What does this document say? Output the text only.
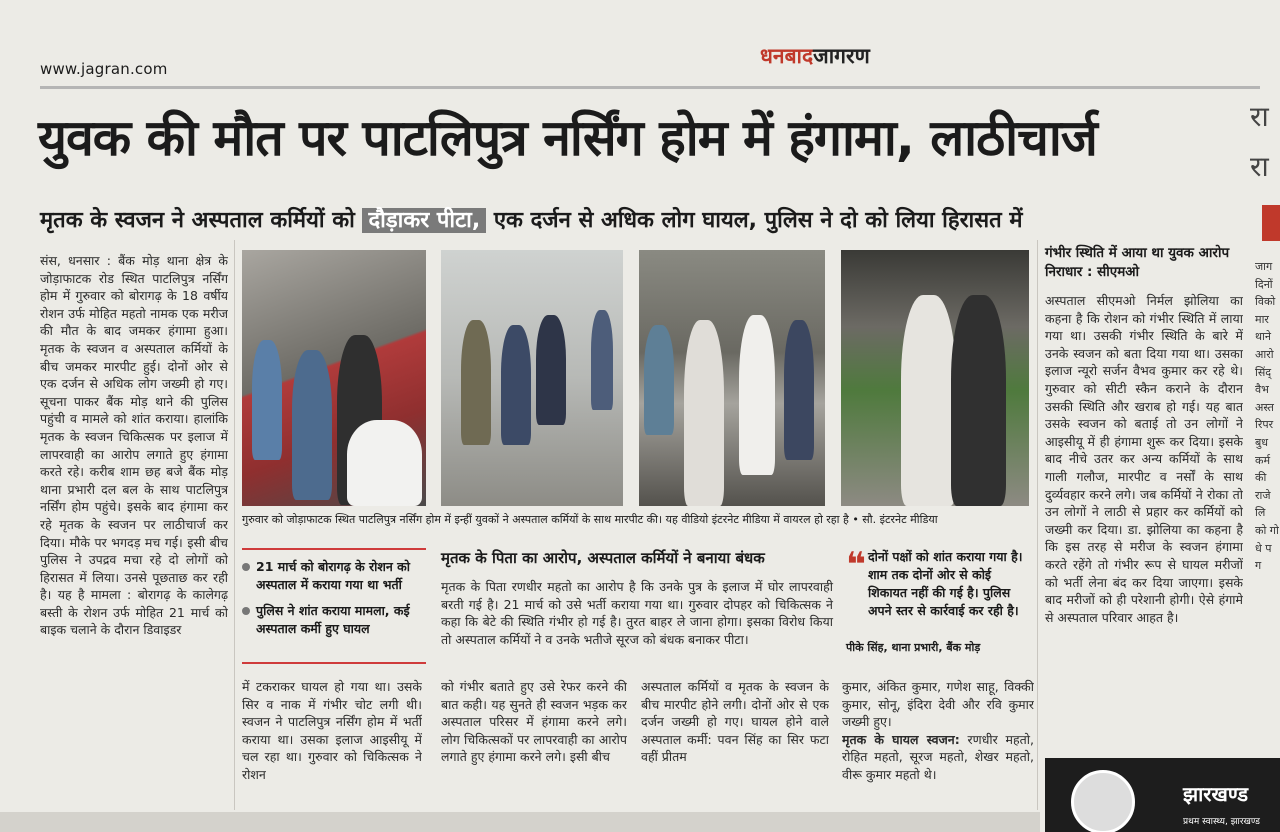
www.jagran.com
धनबादजागरण
युवक की मौत पर पाटलिपुत्र नर्सिंग होम में हंगामा, लाठीचार्ज	रा
रा
मृतक के स्वजन ने अस्पताल कर्मियों को दौड़ाकर पीटा, एक दर्जन से अधिक लोग घायल, पुलिस ने दो को लिया हिरासत में

संस, धनसार : बैंक मोड़ थाना क्षेत्र के जोड़ाफाटक रोड स्थित पाटलिपुत्र नर्सिंग होम में गुरुवार को बोरागढ़ के 18 वर्षीय रोशन उर्फ मोहित महतो नामक एक मरीज की मौत के बाद जमकर हंगामा हुआ। मृतक के स्वजन व अस्पताल कर्मियों के बीच जमकर मारपीट हुई। दोनों ओर से एक दर्जन से अधिक लोग जख्मी हो गए। सूचना पाकर बैंक मोड़ थाने की पुलिस पहुंची व मामले को शांत कराया। हालांकि मृतक के स्वजन चिकित्सक पर इलाज में लापरवाही का आरोप लगाते हुए हंगामा करते रहे। करीब शाम छह बजे बैंक मोड़ थाना प्रभारी दल बल के साथ पाटलिपुत्र नर्सिंग होम पहुंचे। इसके बाद हंगामा कर रहे मृतक के स्वजन पर लाठीचार्ज कर दिया। मौके पर भगदड़ मच गई। इसी बीच पुलिस ने उपद्रव मचा रहे दो लोगों को हिरासत में लिया। उनसे पूछताछ कर रही है। यह है मामला : बोरागढ़ के कालेगढ़ बस्ती के रोशन उर्फ मोहित 21 मार्च को बाइक चलाने के दौरान डिवाइडर

गुरुवार को जोड़ाफाटक स्थित पाटलिपुत्र नर्सिंग होम में इन्हीं युवकों ने अस्पताल कर्मियों के साथ मारपीट की। यह वीडियो इंटरनेट मीडिया में वायरल हो रहा है • सौ. इंटरनेट मीडिया
21 मार्च को बोरागढ़ के रोशन को अस्पताल में कराया गया था भर्ती
पुलिस ने शांत कराया मामला, कई अस्पताल कर्मी हुए घायल
मृतक के पिता का आरोप, अस्पताल कर्मियों ने बनाया बंधक
मृतक के पिता रणधीर महतो का आरोप है कि उनके पुत्र के इलाज में घोर लापरवाही बरती गई है। 21 मार्च को उसे भर्ती कराया गया था। गुरुवार दोपहर को चिकित्सक ने कहा कि बेटे की स्थिति गंभीर हो गई है। तुरत बाहर ले जाना होगा। इसका विरोध किया तो अस्पताल कर्मियों ने व उनके भतीजे सूरज को बंधक बनाकर पीटा।
❝ दोनों पक्षों को शांत कराया गया है। शाम तक दोनों ओर से कोई शिकायत नहीं की गई है। पुलिस अपने स्तर से कार्रवाई कर रही है।
पीके सिंह, थाना प्रभारी, बैंक मोड़
गंभीर स्थिति में आया था युवक आरोप निराधार : सीएमओ
अस्पताल सीएमओ निर्मल झोलिया का कहना है कि रोशन को गंभीर स्थिति में लाया गया था। उसकी गंभीर स्थिति के बारे में उनके स्वजन को बता दिया गया था। उसका इलाज न्यूरो सर्जन वैभव कुमार कर रहे थे। गुरुवार को सीटी स्कैन कराने के दौरान उसकी स्थिति और खराब हो गई। यह बात उसके स्वजन को बताई तो उन लोगों ने आइसीयू में ही हंगामा शुरू कर दिया। इसके बाद नीचे उतर कर अन्य कर्मियों के साथ गाली गलौज, मारपीट व नर्सों के साथ दुर्व्यवहार करने लगे। जब कर्मियों ने रोका तो उन लोगों ने लाठी से प्रहार कर कर्मियों को जख्मी कर दिया। डा. झोलिया का कहना है कि इस तरह से मरीज के स्वजन हंगामा करते रहेंगे तो गंभीर रूप से घायल मरीजों को भर्ती लेना बंद कर दिया जाएगा। इसके बाद मरीजों को ही परेशानी होगी। ऐसे हंगामे से अस्पताल परिवार आहत है।
में टकराकर घायल हो गया था। उसके सिर व नाक में गंभीर चोट लगी थी। स्वजन ने पाटलिपुत्र नर्सिंग होम में भर्ती कराया था। उसका इलाज आइसीयू में चल रहा था। गुरुवार को चिकित्सक ने रोशन
को गंभीर बताते हुए उसे रेफर करने की बात कही। यह सुनते ही स्वजन भड़क कर अस्पताल परिसर में हंगामा करने लगे। लोग चिकित्सकों पर लापरवाही का आरोप लगाते हुए हंगामा करने लगे। इसी बीच
अस्पताल कर्मियों व मृतक के स्वजन के बीच मारपीट होने लगी। दोनों ओर से एक दर्जन जख्मी हो गए। घायल होने वाले अस्पताल कर्मी: पवन सिंह का सिर फटा वहीं प्रीतम

कुमार, अंकित कुमार, गणेश साहू, विक्की कुमार, सोनू, इंदिरा देवी और रवि कुमार जख्मी हुए।

मृतक के घायल स्वजन: रणधीर महतो, रोहित महतो, सूरज महतो, शेखर महतो, वीरू कुमार महतो थे।

जाग दिनों विको मार थाने आरो सिंद् वैभ अस्त रिपर बुध कर्म की राजे लि को गो धे प ग
झारखण्ड
प्रथम स्वास्थ्य, झारखण्ड
